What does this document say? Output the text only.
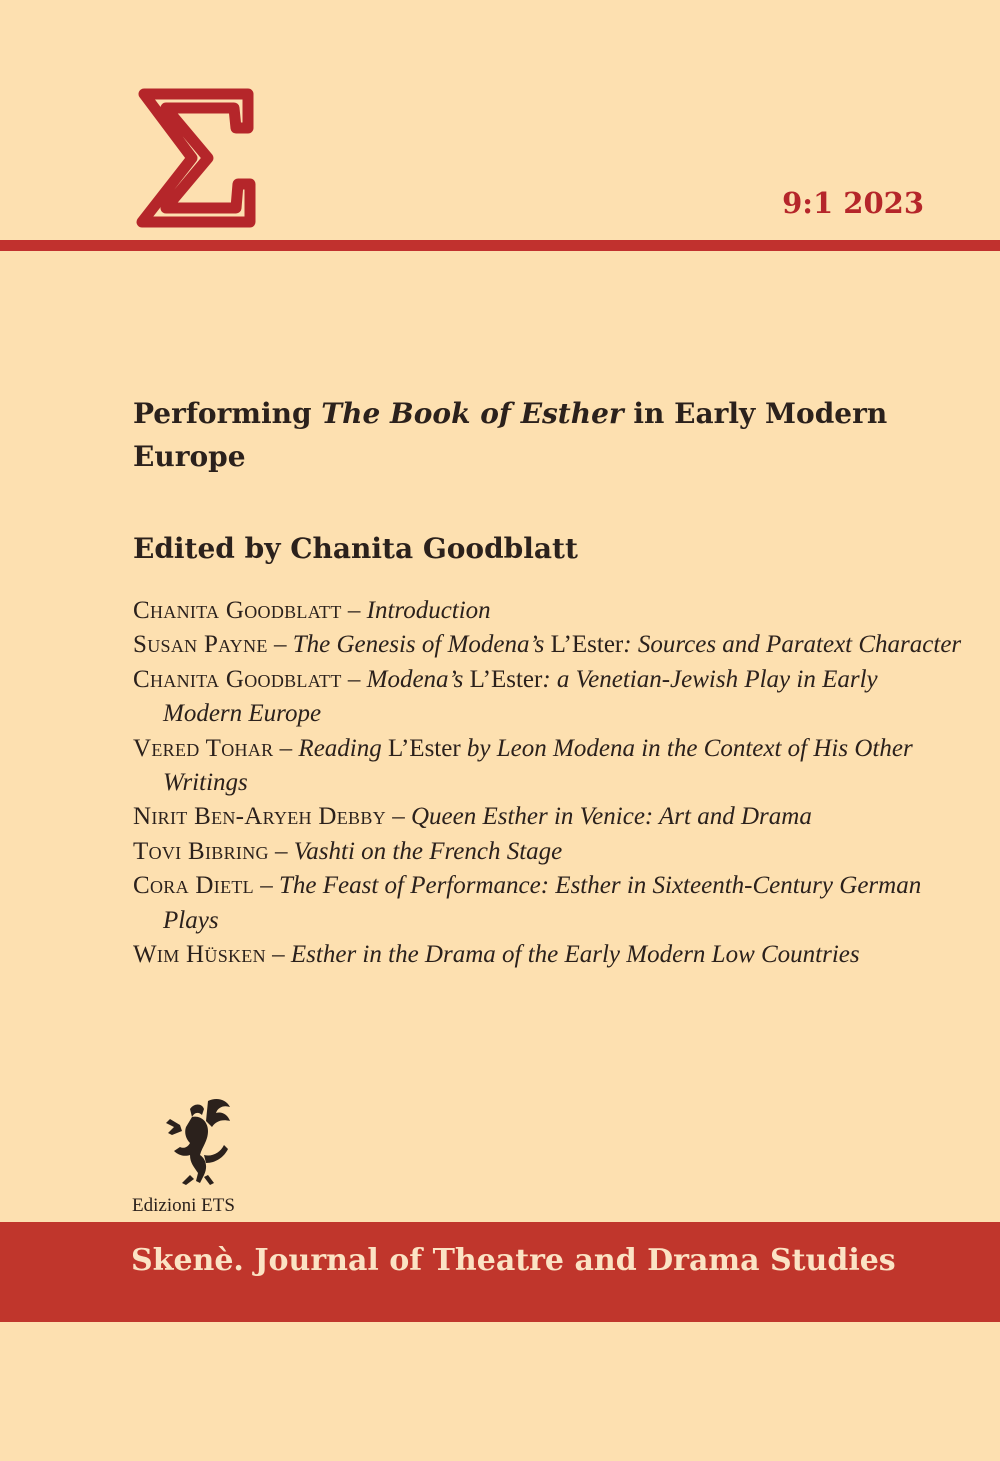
9:1 2023
Performing The Book of Esther in Early Modern Europe
Edited by Chanita Goodblatt

Chanita Goodblatt – Introduction

Susan Payne – The Genesis of Modena’s L’Ester: Sources and Paratext Character

Chanita Goodblatt – Modena’s L’Ester: a Venetian-Jewish Play in Early Modern Europe

Vered Tohar – Reading L’Ester by Leon Modena in the Context of His Other Writings

Nirit Ben-Aryeh Debby – Queen Esther in Venice: Art and Drama

Tovi Bibring – Vashti on the French Stage

Cora Dietl – The Feast of Performance: Esther in Sixteenth-Century German Plays

Wim Hüsken – Esther in the Drama of the Early Modern Low Countries

Edizioni ETS
Skenè. Journal of Theatre and Drama Studies
